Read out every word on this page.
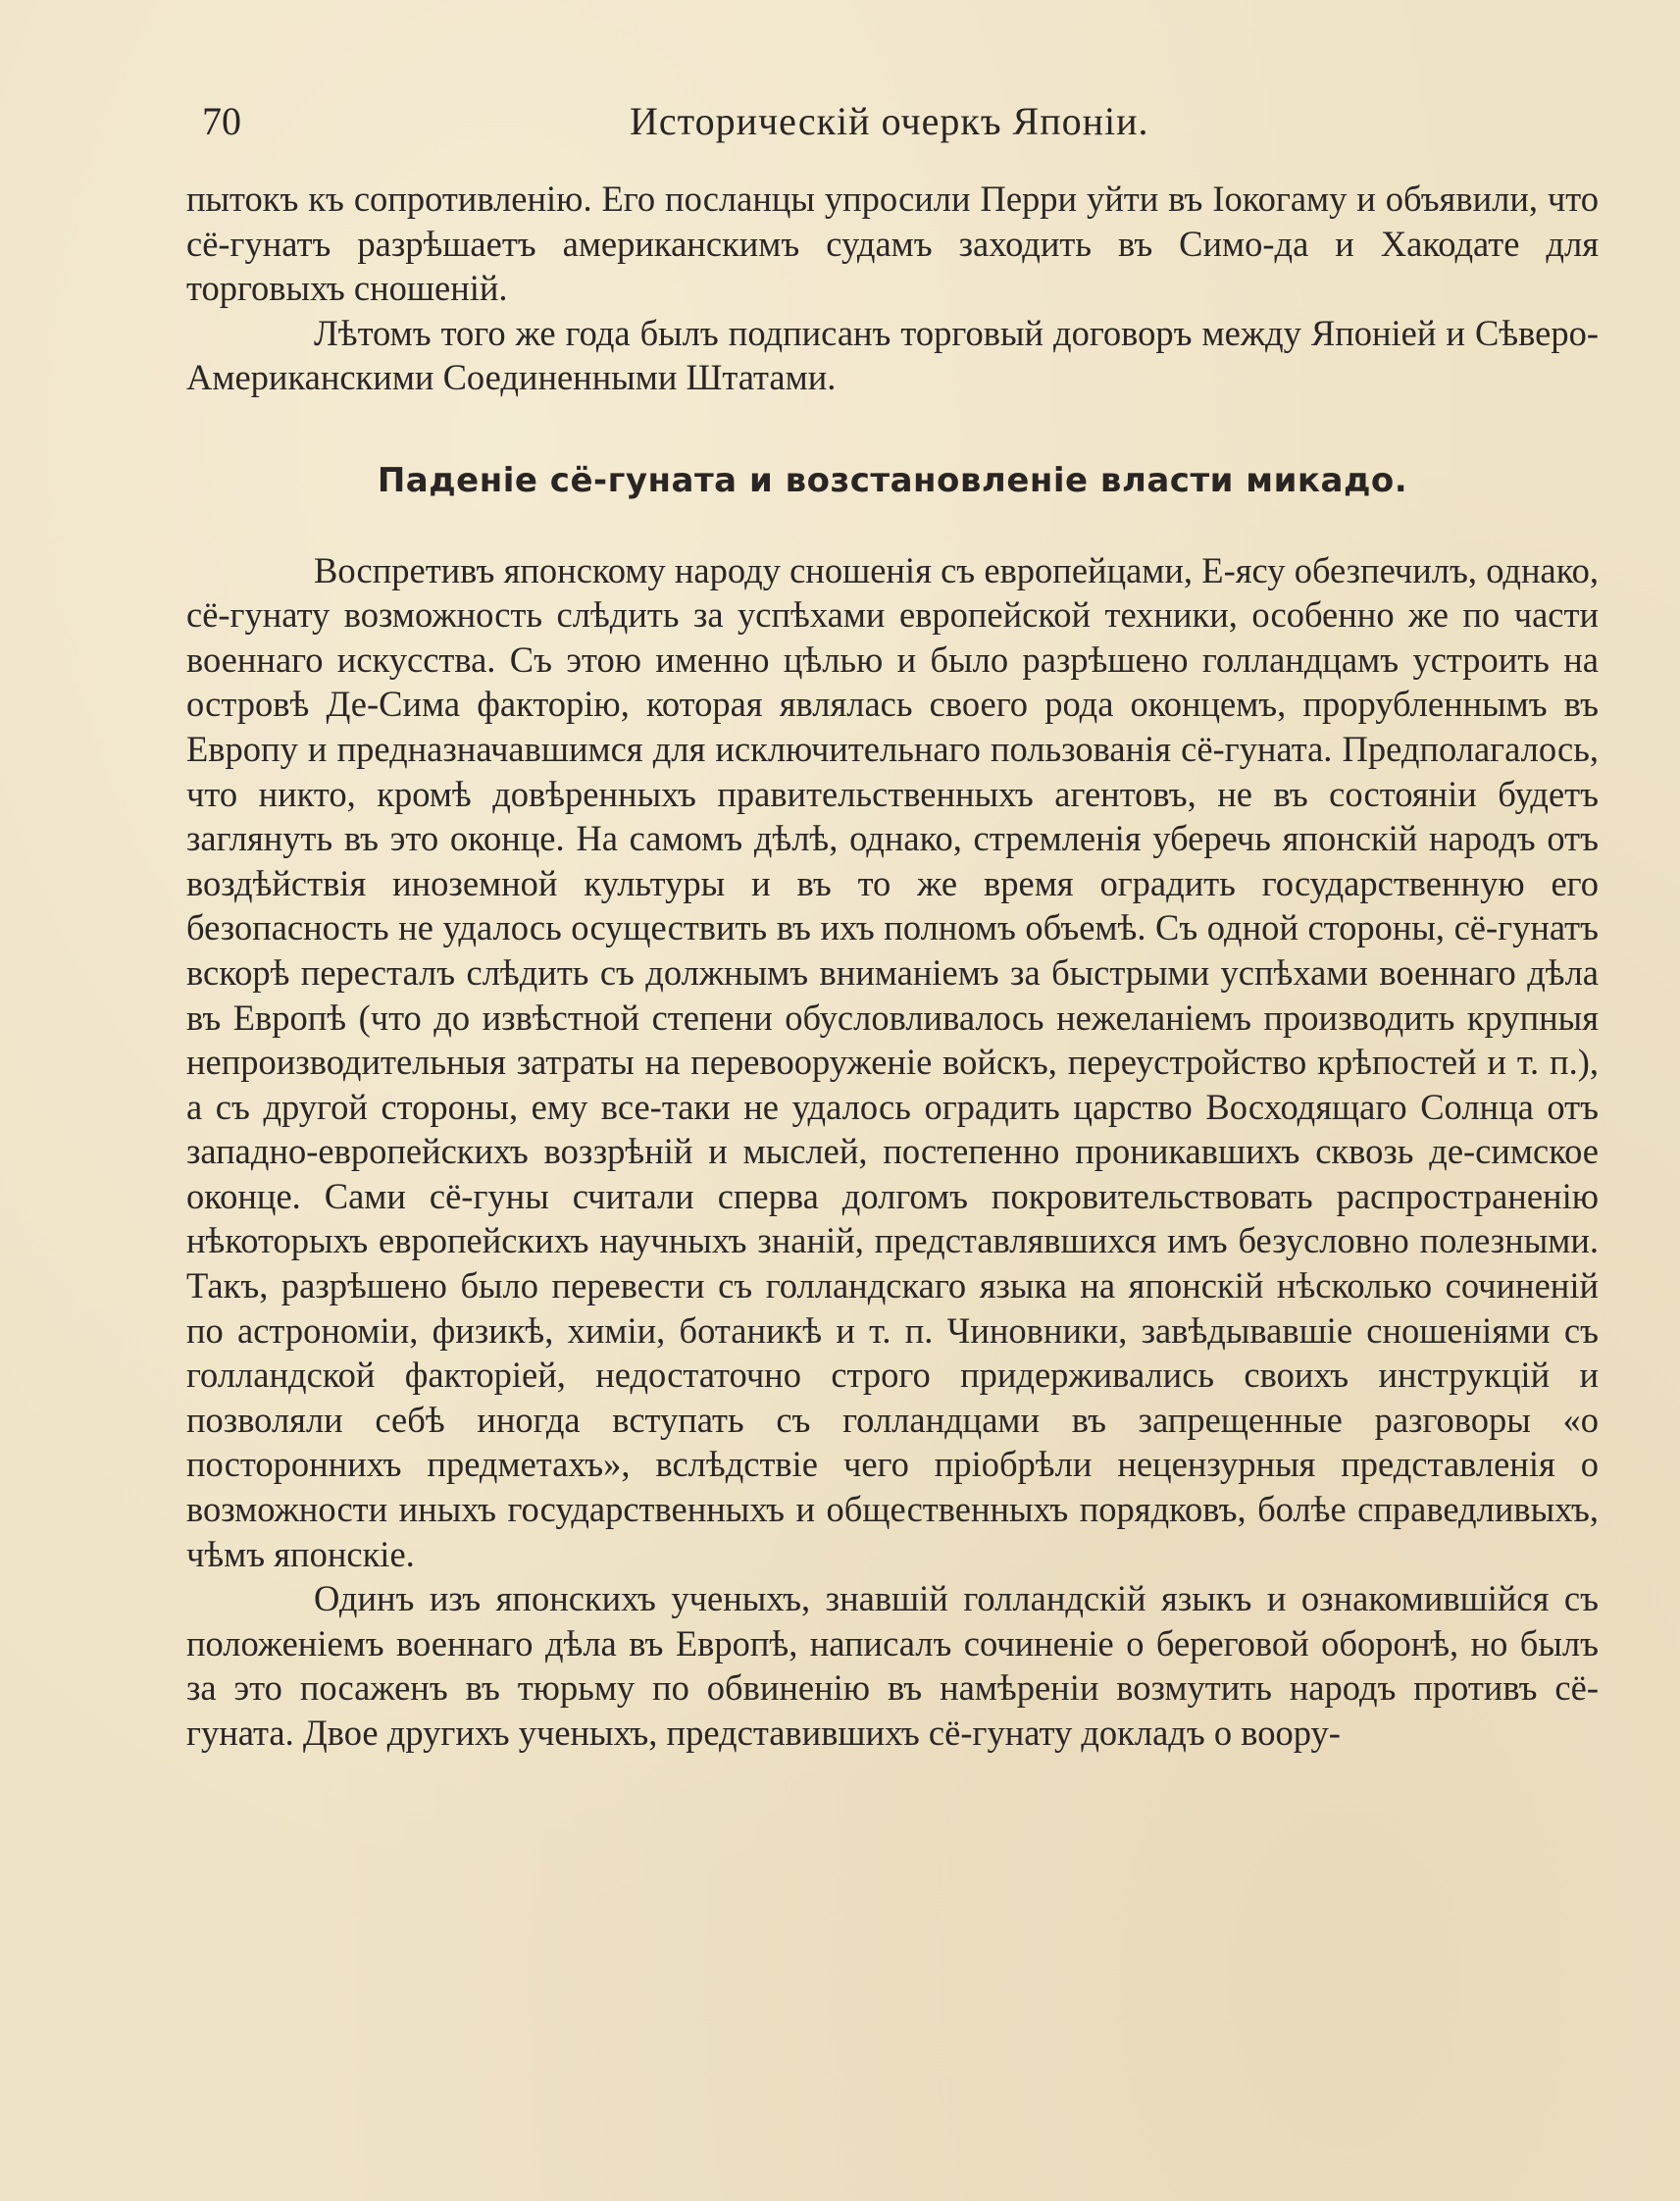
70	Историческій очеркъ Японіи.

пытокъ къ сопротивленію. Его посланцы упросили Перри уйти въ Іокогаму и объявили, что сё-гунатъ разрѣшаетъ американскимъ судамъ заходить въ Симо-да и Хакодате для торговыхъ сношеній.

Лѣтомъ того же года былъ подписанъ торговый договоръ между Японіей и Сѣверо-Американскими Соединенными Штатами.

Паденіе сё-гуната и возстановленіе власти микадо.

Воспретивъ японскому народу сношенія съ европейцами, Е-ясу обезпечилъ, однако, сё-гунату возможность слѣдить за успѣхами европейской техники, особенно же по части военнаго искусства. Съ этою именно цѣлью и было разрѣшено голландцамъ устроить на островѣ Де-Сима факторію, которая являлась своего рода оконцемъ, прорубленнымъ въ Европу и предназначавшимся для исключительнаго пользованія сё-гуната. Предполагалось, что никто, кромѣ довѣренныхъ правительственныхъ агентовъ, не въ состояніи будетъ заглянуть въ это оконце. На самомъ дѣлѣ, однако, стремленія уберечь японскій народъ отъ воздѣйствія иноземной культуры и въ то же время оградить государственную его безопасность не удалось осуществить въ ихъ полномъ объемѣ. Съ одной стороны, сё-гунатъ вскорѣ пересталъ слѣдить съ должнымъ вниманіемъ за быстрыми успѣхами военнаго дѣла въ Европѣ (что до извѣстной степени обусловливалось нежеланіемъ производить крупныя непроизводительныя затраты на перевооруженіе войскъ, переустройство крѣпостей и т. п.), а съ другой стороны, ему все-таки не удалось оградить царство Восходящаго Солнца отъ западно-европейскихъ воззрѣній и мыслей, постепенно проникавшихъ сквозь де-симское оконце. Сами сё-гуны считали сперва долгомъ покровительствовать распространенію нѣкоторыхъ европейскихъ научныхъ знаній, представлявшихся имъ безусловно полезными. Такъ, разрѣшено было перевести съ голландскаго языка на японскій нѣсколько сочиненій по астрономіи, физикѣ, химіи, ботаникѣ и т. п. Чиновники, завѣдывавшіе сношеніями съ голландской факторіей, недостаточно строго придерживались своихъ инструкцій и позволяли себѣ иногда вступать съ голландцами въ запрещенные разговоры «о постороннихъ предметахъ», вслѣдствіе чего пріобрѣли нецензурныя представленія о возможности иныхъ государственныхъ и общественныхъ порядковъ, болѣе справедливыхъ, чѣмъ японскіе.

Одинъ изъ японскихъ ученыхъ, знавшій голландскій языкъ и ознакомившійся съ положеніемъ военнаго дѣла въ Европѣ, написалъ сочиненіе о береговой оборонѣ, но былъ за это посаженъ въ тюрьму по обвиненію въ намѣреніи возмутить народъ противъ сё-гуната. Двое другихъ ученыхъ, представившихъ сё-гунату докладъ о воору-
